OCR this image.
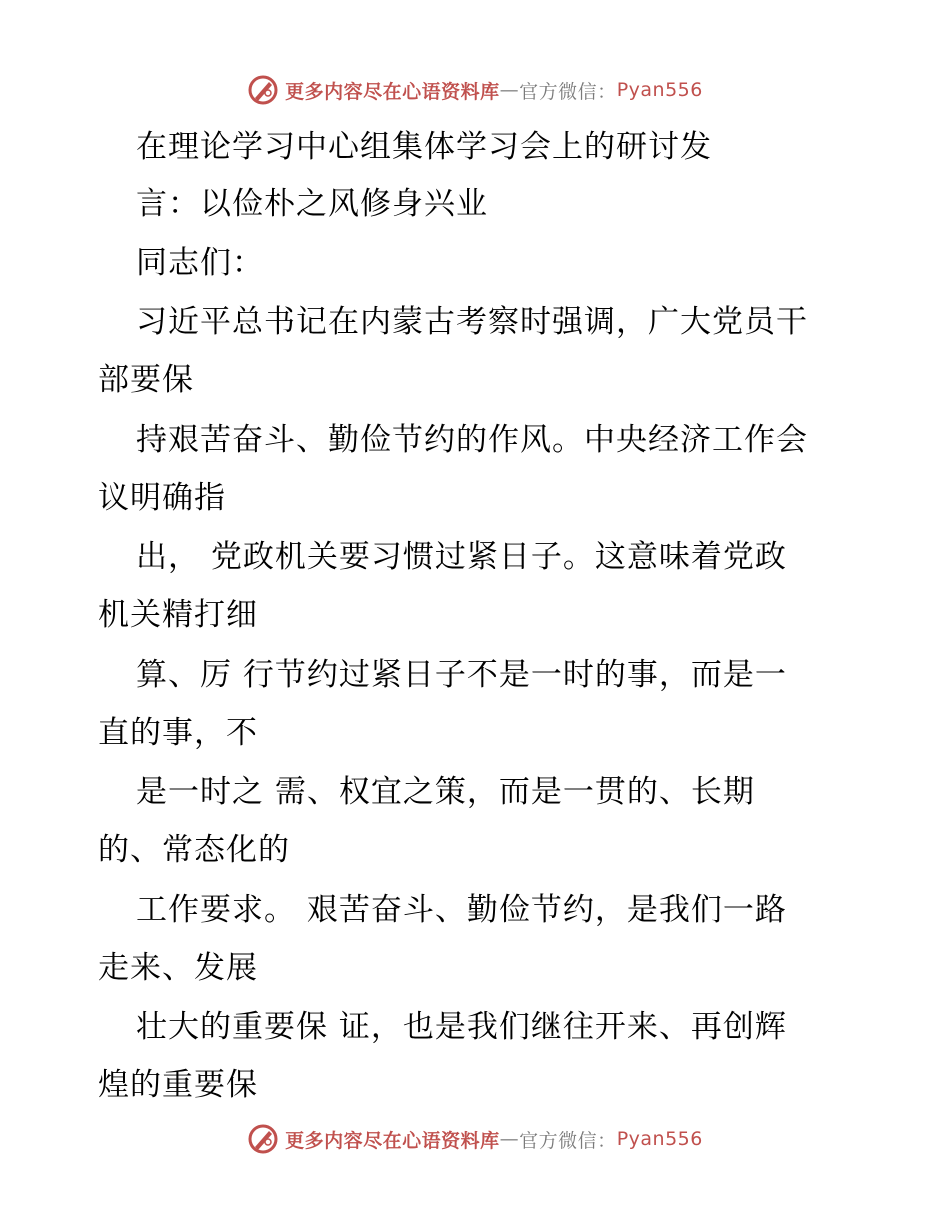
更多内容尽在心语资料库 — 官方微信： Pyan556
在理论学习中心组集体学习会上的研讨发
言：以俭朴之风修身兴业
同志们：
习近平总书记在内蒙古考察时强调，广大党员干
部要保
持艰苦奋斗、勤俭节约的作风。中央经济工作会
议明确指
出， 党政机关要习惯过紧日子。这意味着党政
机关精打细
算、厉 行节约过紧日子不是一时的事，而是一
直的事，不
是一时之 需、权宜之策，而是一贯的、长期
的、常态化的
工作要求。 艰苦奋斗、勤俭节约，是我们一路
走来、发展
壮大的重要保 证，也是我们继往开来、再创辉
煌的重要保
更多内容尽在心语资料库 — 官方微信： Pyan556
